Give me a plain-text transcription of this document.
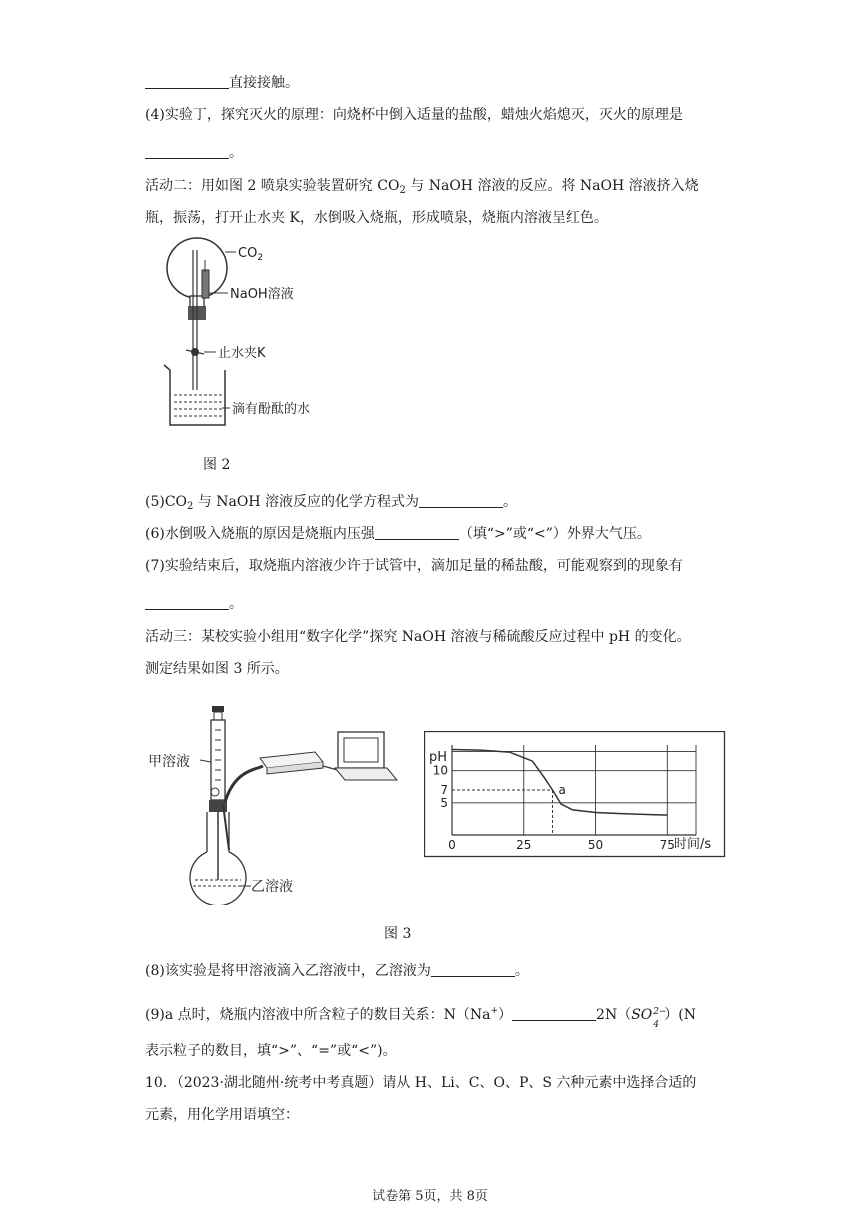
直接接触。
(4)实验丁，探究灭火的原理：向烧杯中倒入适量的盐酸，蜡烛火焰熄灭，灭火的原理是
。
活动二：用如图 2 喷泉实验装置研究 $CO_2$ 与 NaOH 溶液的反应。将 NaOH 溶液挤入烧
瓶，振荡，打开止水夹 K，水倒吸入烧瓶，形成喷泉，烧瓶内溶液呈红色。
$CO_2$
NaOH溶液
止水夹K
滴有酚酞的水
图 2
$(5)CO_2$ 与 NaOH 溶液反应的化学方程式为	。
(6)水倒吸入烧瓶的原因是烧瓶内压强	（填“>”或“<”）外界大气压。
(7)实验结束后，取烧瓶内溶液少许于试管中，滴加足量的稀盐酸，可能观察到的现象有
。
活动三：某校实验小组用“数字化学”探究 NaOH 溶液与稀硫酸反应过程中 pH 的变化。
测定结果如图 3 所示。
甲溶液
乙溶液
5
7
10
0	25	50	75
a
pH
时间/s
图 3
(8)该实验是将甲溶液滴入乙溶液中，乙溶液为	。
(9)a 点时，烧瓶内溶液中所含粒子的数目关系：N（Na+）	2N（SO 2−
4
）(N
表示粒子的数目，填“>”、“=”或“<”)。
10．（2023·湖北随州·统考中考真题）请从 H、Li、C、O、P、S 六种元素中选择合适的
元素，用化学用语填空：
试卷第 5页，共 8页
